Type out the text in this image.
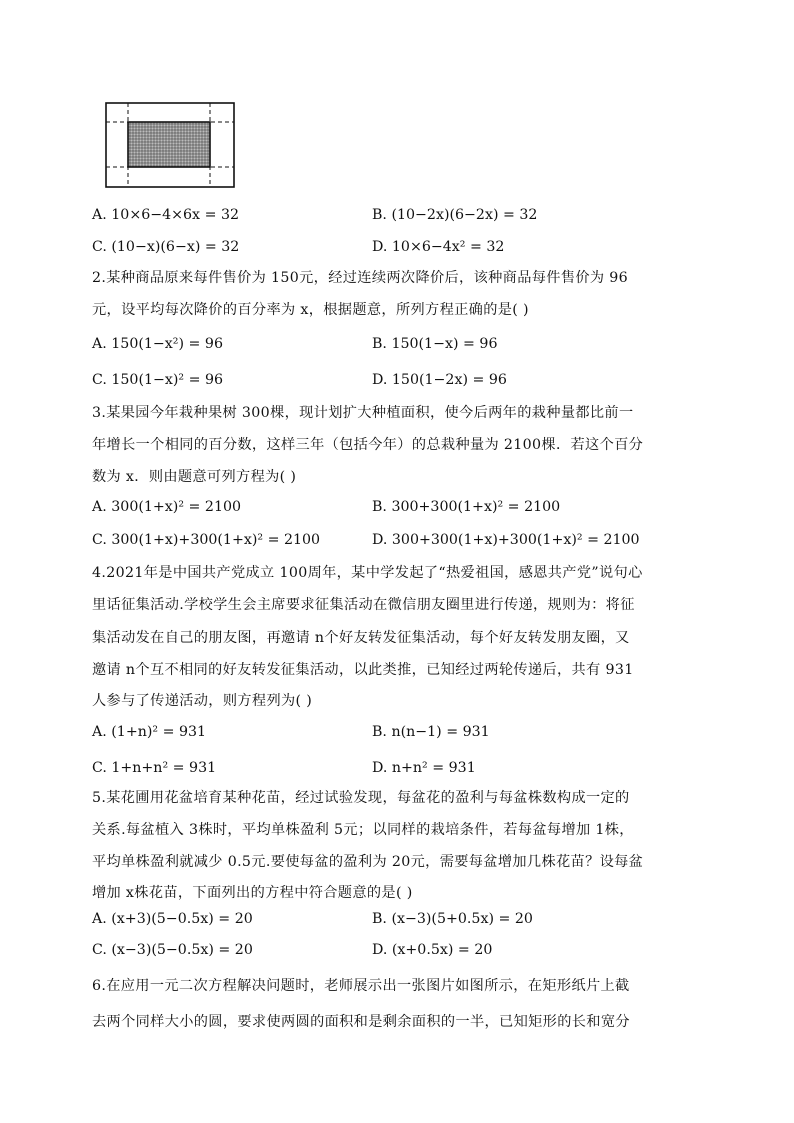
A. 10×6−4×6x = 32	B. (10−2x)(6−2x) = 32
C. (10−x)(6−x) = 32	D. 10×6−4x² = 32
2.某种商品原来每件售价为 150元，经过连续两次降价后，该种商品每件售价为 96
元，设平均每次降价的百分率为 x，根据题意，所列方程正确的是( )
A. 150(1−x²) = 96	B. 150(1−x) = 96
C. 150(1−x)² = 96	D. 150(1−2x) = 96
3.某果园今年栽种果树 300棵，现计划扩大种植面积，使今后两年的栽种量都比前一
年增长一个相同的百分数，这样三年（包括今年）的总栽种量为 2100棵．若这个百分
数为 x．则由题意可列方程为( )
A. 300(1+x)² = 2100	B. 300+300(1+x)² = 2100
C. 300(1+x)+300(1+x)² = 2100	D. 300+300(1+x)+300(1+x)² = 2100
4.2021年是中国共产党成立 100周年，某中学发起了“热爱祖国，感恩共产党”说句心
里话征集活动.学校学生会主席要求征集活动在微信朋友圈里进行传递，规则为：将征
集活动发在自己的朋友图，再邀请 n个好友转发征集活动，每个好友转发朋友圈，又
邀请 n个互不相同的好友转发征集活动，以此类推，已知经过两轮传递后，共有 931
人参与了传递活动，则方程列为( )
A. (1+n)² = 931	B. n(n−1) = 931
C. 1+n+n² = 931	D. n+n² = 931
5.某花圃用花盆培育某种花苗，经过试验发现，每盆花的盈利与每盆株数构成一定的
关系.每盆植入 3株时，平均单株盈利 5元；以同样的栽培条件，若每盆每增加 1株，
平均单株盈利就减少 0.5元.要使每盆的盈利为 20元，需要每盆增加几株花苗？设每盆
增加 x株花苗，下面列出的方程中符合题意的是( )
A. (x+3)(5−0.5x) = 20	B. (x−3)(5+0.5x) = 20
C. (x−3)(5−0.5x) = 20	D. (x+0.5x) = 20
6.在应用一元二次方程解决问题时，老师展示出一张图片如图所示，在矩形纸片上截
去两个同样大小的圆，要求使两圆的面积和是剩余面积的一半，已知矩形的长和宽分
